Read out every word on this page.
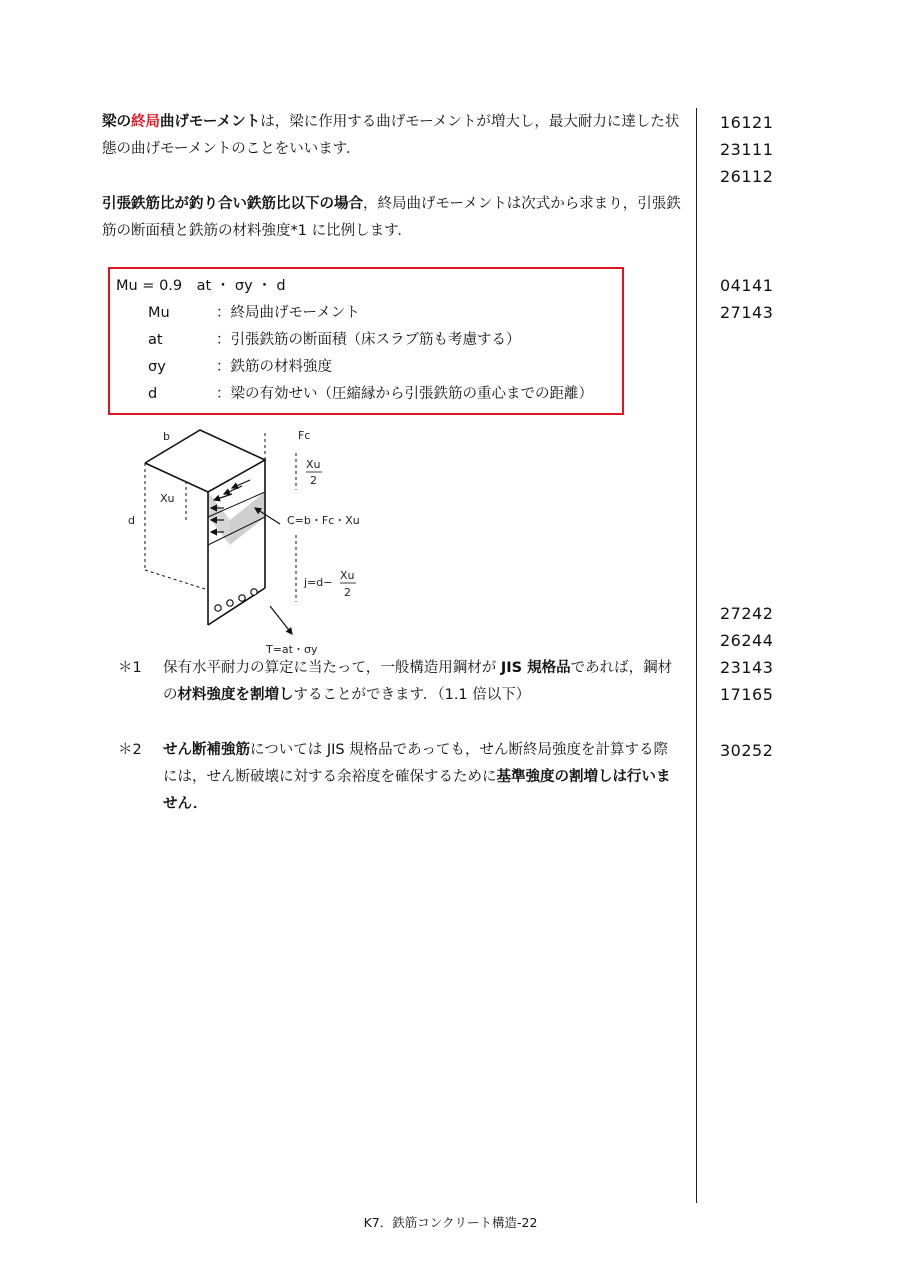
梁の終局曲げモーメントは，梁に作用する曲げモーメントが増大し，最大耐力に達した状態の曲げモーメントのことをいいます．
引張鉄筋比が釣り合い鉄筋比以下の場合，終局曲げモーメントは次式から求まり，引張鉄筋の断面積と鉄筋の材料強度*1 に比例します．
16121
23111
26112
04141
27143
27242
26244
23143
17165
30252
Mu = 0.9　at ・ σy ・ d
Mu	：終局曲げモーメント
at	：引張鉄筋の断面積（床スラブ筋も考慮する）
σy	：鉄筋の材料強度
d	：梁の有効せい（圧縮縁から引張鉄筋の重心までの距離）
b	Fc
Xu
2
Xu
d	C=b・Fc・Xu
j=d−
Xu
2
T=at・σy
＊1	保有水平耐力の算定に当たって，一般構造用鋼材が JIS 規格品であれば，鋼材の材料強度を割増しすることができます．（1.1 倍以下）
＊2	せん断補強筋については JIS 規格品であっても，せん断終局強度を計算する際には，せん断破壊に対する余裕度を確保するために基準強度の割増しは行いません．
K7．鉄筋コンクリート構造-22
